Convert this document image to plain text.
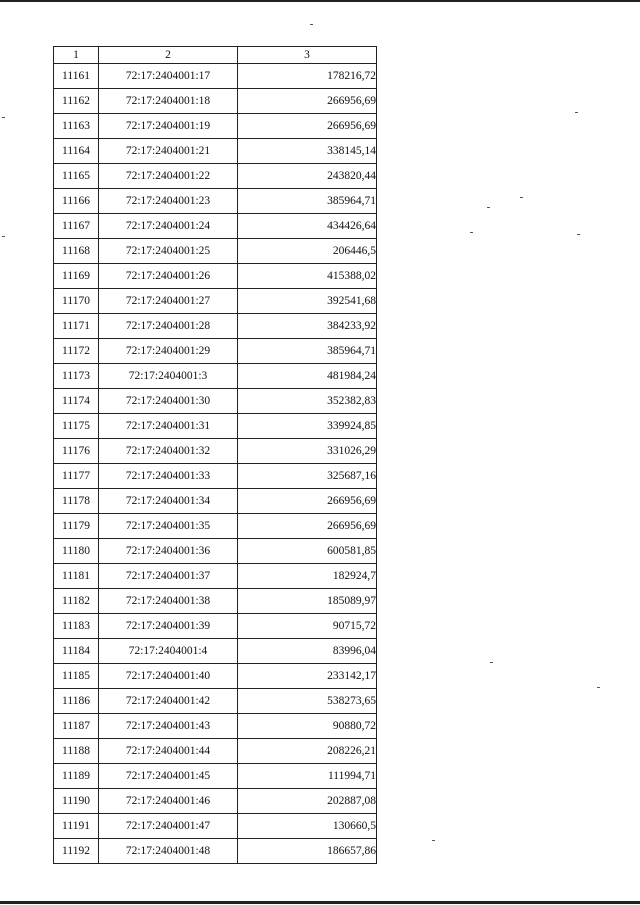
1	2	3
11161	72:17:2404001:17	178216,72
11162	72:17:2404001:18	266956,69
11163	72:17:2404001:19	266956,69
11164	72:17:2404001:21	338145,14
11165	72:17:2404001:22	243820,44
11166	72:17:2404001:23	385964,71
11167	72:17:2404001:24	434426,64
11168	72:17:2404001:25	206446,5
11169	72:17:2404001:26	415388,02
11170	72:17:2404001:27	392541,68
11171	72:17:2404001:28	384233,92
11172	72:17:2404001:29	385964,71
11173	72:17:2404001:3	481984,24
11174	72:17:2404001:30	352382,83
11175	72:17:2404001:31	339924,85
11176	72:17:2404001:32	331026,29
11177	72:17:2404001:33	325687,16
11178	72:17:2404001:34	266956,69
11179	72:17:2404001:35	266956,69
11180	72:17:2404001:36	600581,85
11181	72:17:2404001:37	182924,7
11182	72:17:2404001:38	185089,97
11183	72:17:2404001:39	90715,72
11184	72:17:2404001:4	83996,04
11185	72:17:2404001:40	233142,17
11186	72:17:2404001:42	538273,65
11187	72:17:2404001:43	90880,72
11188	72:17:2404001:44	208226,21
11189	72:17:2404001:45	111994,71
11190	72:17:2404001:46	202887,08
11191	72:17:2404001:47	130660,5
11192	72:17:2404001:48	186657,86
